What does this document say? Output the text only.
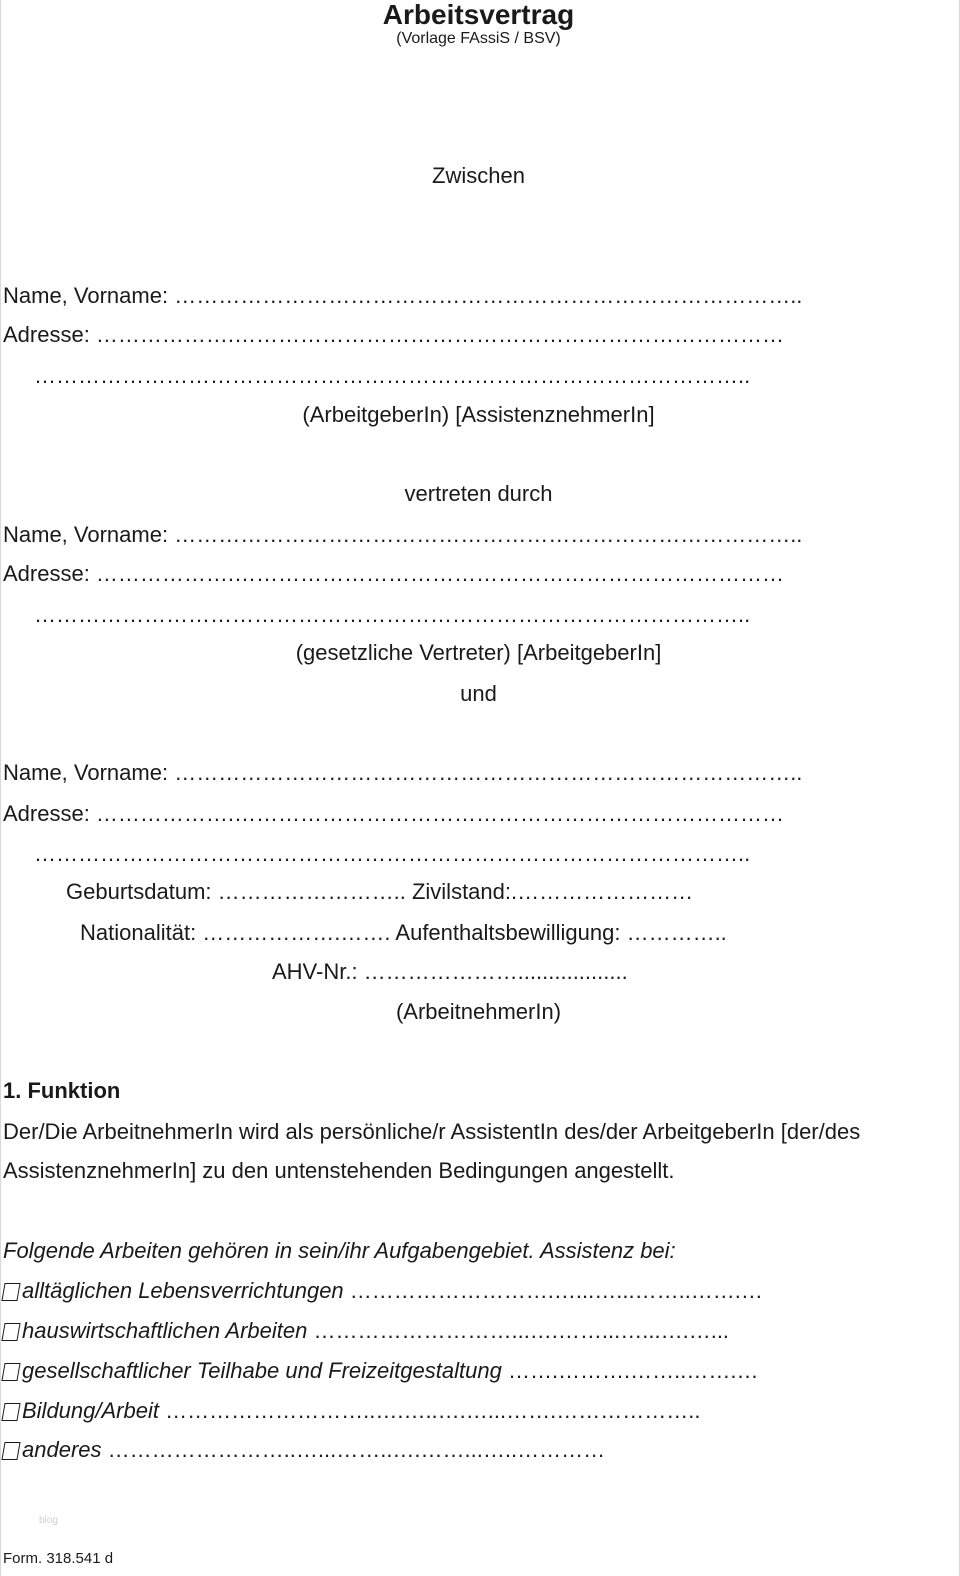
Arbeitsvertrag
(Vorlage FAssiS / BSV)
Zwischen
Name, Vorname: …………………………………………………………………………..
Adresse: ……………….…………………………………………………………………
……………………………………………………………………………………..
(ArbeitgeberIn) [AssistenznehmerIn]
vertreten durch
Name, Vorname: …………………………………………………………………………..
Adresse: ……………….…………………………………………………………………
……………………………………………………………………………………..
(gesetzliche Vertreter) [ArbeitgeberIn]
und
Name, Vorname: …………………………………………………………………………..
Adresse: ……………….…………………………………………………………………
……………………………………………………………………………………..
Geburtsdatum: …………………….. Zivilstand:.……………………
Nationalität: ……………….……. Aufenthaltsbewilligung: …………..
AHV-Nr.: …………………..................
(ArbeitnehmerIn)
1. Funktion
Der/Die ArbeitnehmerIn wird als persönliche/r AssistentIn des/der ArbeitgeberIn [der/des
AssistenznehmerIn] zu den untenstehenden Bedingungen angestellt.
Folgende Arbeiten gehören in sein/ihr Aufgabengebiet. Assistenz bei:
alltäglichen Lebensverrichtungen ……………………….…...…...……..…….…
hauswirtschaftlichen Arbeiten ………………………...….……...…...….…...
gesellschaftlicher Teilhabe und Freizeitgestaltung …….……….……..…….…
Bildung/Arbeit ………………………..….…..….…...…….………………..
anderes ……………………..…...……..….……...…..…………
blog
Form. 318.541 d
